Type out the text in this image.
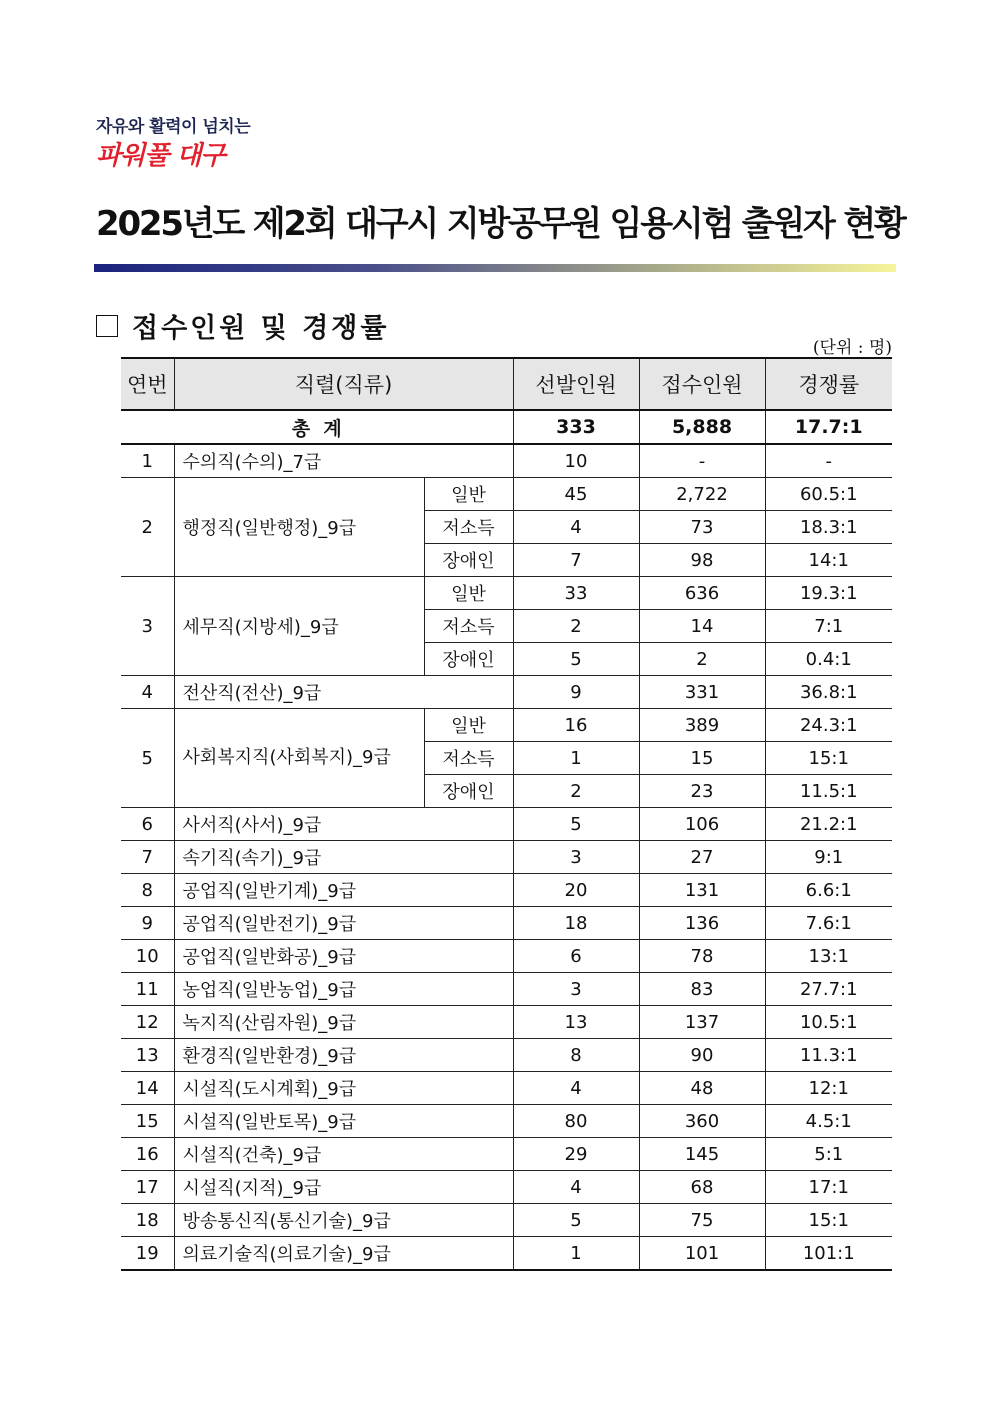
자유와 활력이 넘치는
파워풀 대구
2025년도 제2회 대구시 지방공무원 임용시험 출원자 현황
접수인원 및 경쟁률
(단위 : 명)
연번	직렬(직류)		선발인원	접수인원	경쟁률
총  계			333	5,888	17.7:1
1	수의직(수의)_7급		10	-	-
2	행정직(일반행정)_9급	일반	45	2,722	60.5:1
		저소득	4	73	18.3:1
		장애인	7	98	14:1
3	세무직(지방세)_9급	일반	33	636	19.3:1
		저소득	2	14	7:1
		장애인	5	2	0.4:1
4	전산직(전산)_9급		9	331	36.8:1
5	사회복지직(사회복지)_9급	일반	16	389	24.3:1
		저소득	1	15	15:1
		장애인	2	23	11.5:1
6	사서직(사서)_9급		5	106	21.2:1
7	속기직(속기)_9급		3	27	9:1
8	공업직(일반기계)_9급		20	131	6.6:1
9	공업직(일반전기)_9급		18	136	7.6:1
10	공업직(일반화공)_9급		6	78	13:1
11	농업직(일반농업)_9급		3	83	27.7:1
12	녹지직(산림자원)_9급		13	137	10.5:1
13	환경직(일반환경)_9급		8	90	11.3:1
14	시설직(도시계획)_9급		4	48	12:1
15	시설직(일반토목)_9급		80	360	4.5:1
16	시설직(건축)_9급		29	145	5:1
17	시설직(지적)_9급		4	68	17:1
18	방송통신직(통신기술)_9급		5	75	15:1
19	의료기술직(의료기술)_9급		1	101	101:1
